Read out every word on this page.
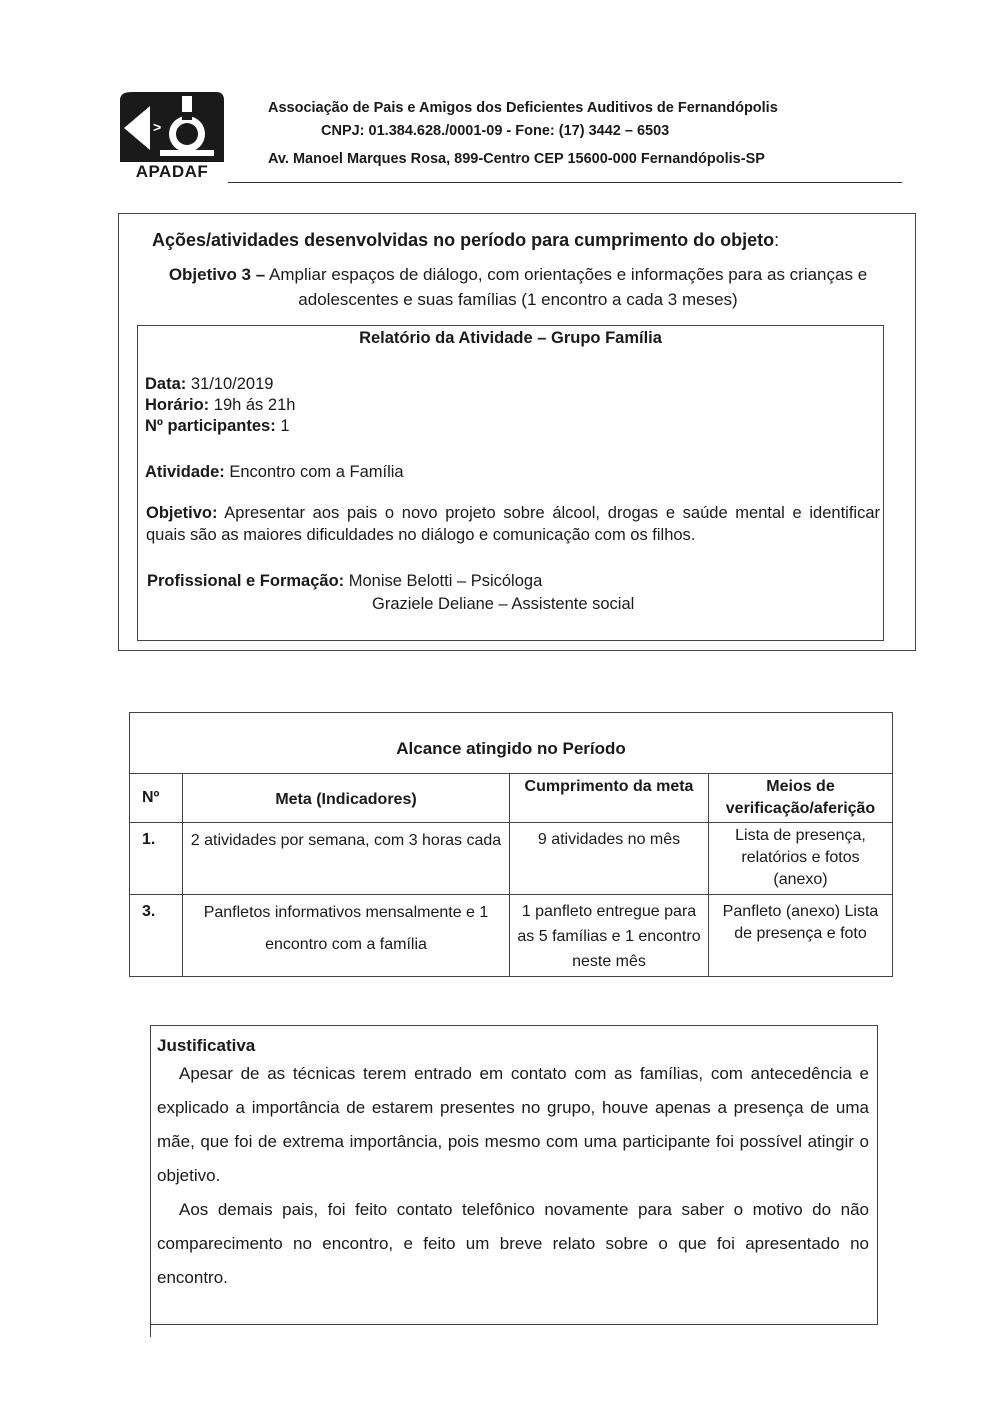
>
APADAF
Associação de Pais e Amigos dos Deficientes Auditivos de Fernandópolis
CNPJ: 01.384.628./0001-09 - Fone: (17) 3442 – 6503
Av. Manoel Marques Rosa, 899-Centro CEP 15600-000 Fernandópolis-SP
Ações/atividades desenvolvidas no período para cumprimento do objeto:
Objetivo 3 – Ampliar espaços de diálogo, com orientações e informações para as crianças e adolescentes e suas famílias (1 encontro a cada 3 meses)
Relatório da Atividade – Grupo Família
Data: 31/10/2019
Horário: 19h ás 21h
Nº participantes: 1
Atividade: Encontro com a Família
Objetivo: Apresentar aos pais o novo projeto sobre álcool, drogas e saúde mental e identificar quais são as maiores dificuldades no diálogo e comunicação com os filhos.
Profissional e Formação: Monise Belotti – Psicóloga
Graziele Deliane – Assistente social
Alcance atingido no Período			
Nº	Meta (Indicadores)	Cumprimento da meta	Meios de verificação/aferição
1.	2 atividades por semana, com 3 horas cada	9 atividades no mês	Lista de presença, relatórios e fotos (anexo)
3.	Panfletos informativos mensalmente e 1 encontro com a família	1 panfleto entregue para as 5 famílias e 1 encontro neste mês	Panfleto (anexo) Lista de presença e foto
Justificativa

Apesar de as técnicas terem entrado em contato com as famílias, com antecedência e explicado a importância de estarem presentes no grupo, houve apenas a presença de uma mãe, que foi de extrema importância, pois mesmo com uma participante foi possível atingir o objetivo.

Aos demais pais, foi feito contato telefônico novamente para saber o motivo do não comparecimento no encontro, e feito um breve relato sobre o que foi apresentado no encontro.
